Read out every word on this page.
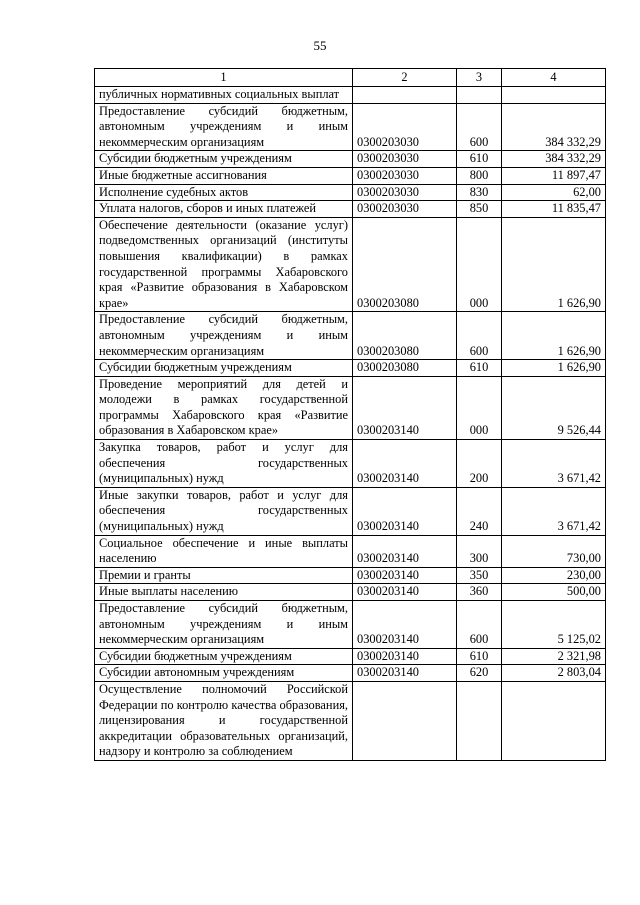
55
1	2	3	4
публичных нормативных социальных выплат			
Предоставление субсидий бюджетным, автономным учреждениям и иным некоммерческим организациям	0300203030	600	384 332,29
Субсидии бюджетным учреждениям	0300203030	610	384 332,29
Иные бюджетные ассигнования	0300203030	800	11 897,47
Исполнение судебных актов	0300203030	830	62,00
Уплата налогов, сборов и иных платежей	0300203030	850	11 835,47
Обеспечение деятельности (оказание услуг) подведомственных организаций (институты повышения квалификации) в рамках государственной программы Хабаровского края «Развитие образования в Хабаровском крае»	0300203080	000	1 626,90
Предоставление субсидий бюджетным, автономным учреждениям и иным некоммерческим организациям	0300203080	600	1 626,90
Субсидии бюджетным учреждениям	0300203080	610	1 626,90
Проведение мероприятий для детей и молодежи в рамках государственной программы Хабаровского края «Развитие образования в Хабаровском крае»	0300203140	000	9 526,44
Закупка товаров, работ и услуг для обеспечения государственных (муниципальных) нужд	0300203140	200	3 671,42
Иные закупки товаров, работ и услуг для обеспечения государственных (муниципальных) нужд	0300203140	240	3 671,42
Социальное обеспечение и иные выплаты населению	0300203140	300	730,00
Премии и гранты	0300203140	350	230,00
Иные выплаты населению	0300203140	360	500,00
Предоставление субсидий бюджетным, автономным учреждениям и иным некоммерческим организациям	0300203140	600	5 125,02
Субсидии бюджетным учреждениям	0300203140	610	2 321,98
Субсидии автономным учреждениям	0300203140	620	2 803,04
Осуществление полномочий Российской Федерации по контролю качества образования, лицензирования и государственной аккредитации образовательных организаций, надзору и контролю за соблюдением			
